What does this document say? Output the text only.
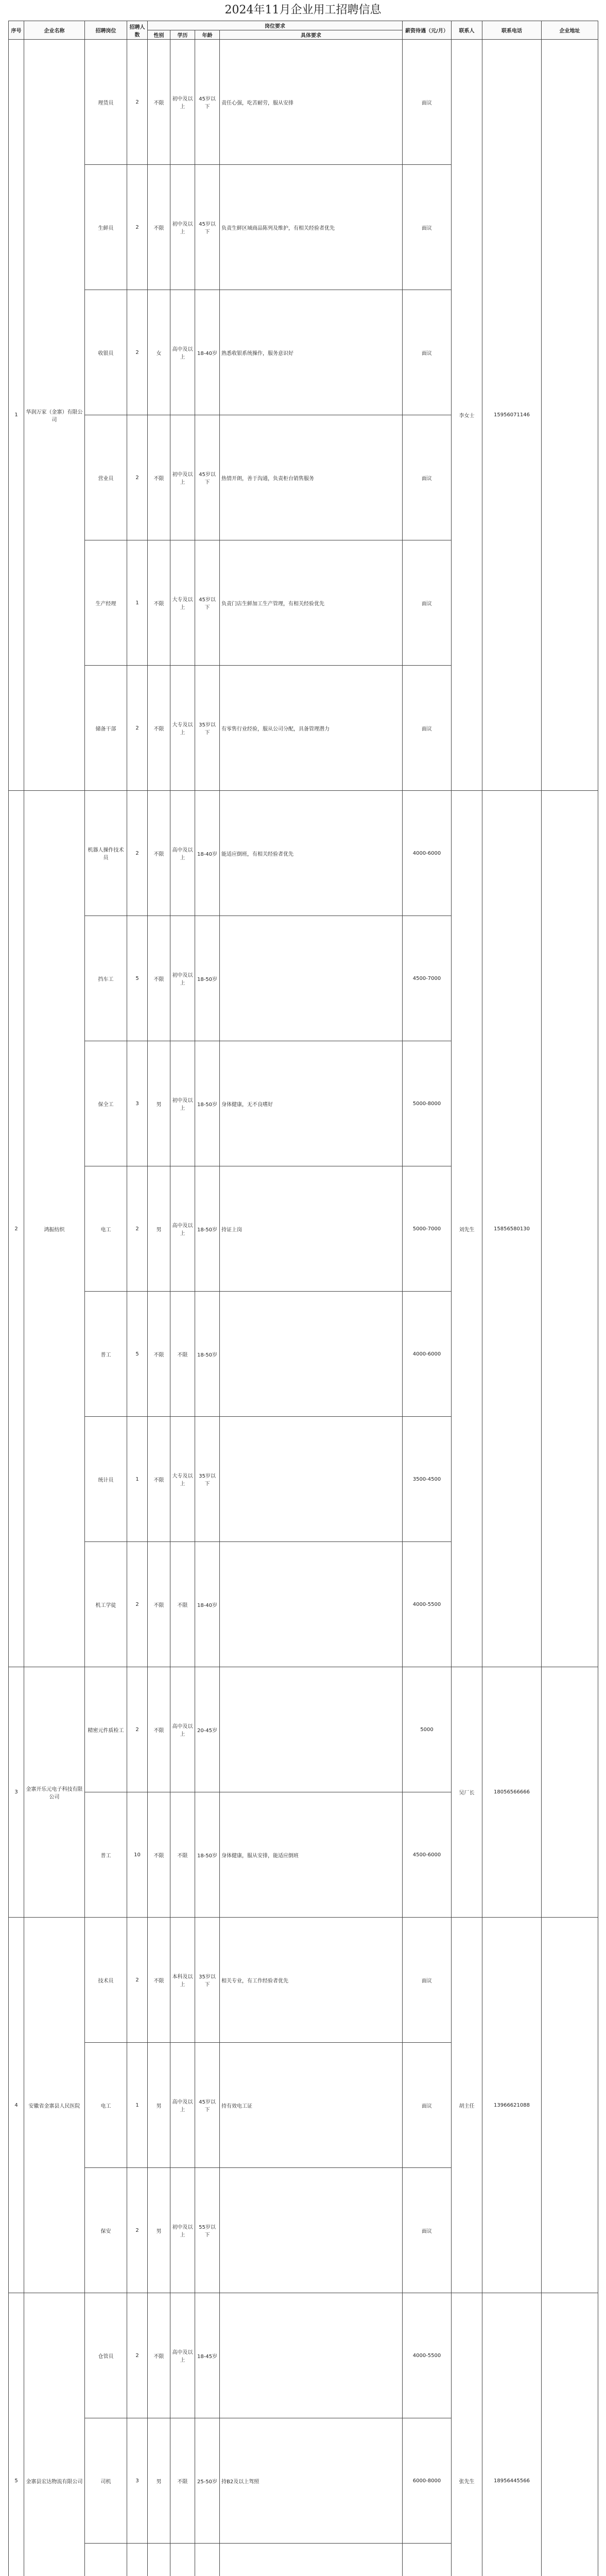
2024年11月企业用工招聘信息
序号	企业名称	招聘岗位	招聘人数	岗位要求				薪资待遇（元/月）	联系人	联系电话	企业地址
				性别	学历	年龄	具体要求				
1	华润万家（金寨）有限公司	理货员	2	不限	初中及以上	45岁以下	责任心强，吃苦耐劳，服从安排	面议	李女士	15956071146	
		生鲜员	2	不限	初中及以上	45岁以下	负责生鲜区域商品陈列及维护，有相关经验者优先	面议			
		收银员	2	女	高中及以上	18-40岁	熟悉收银系统操作，服务意识好	面议			
		营业员	2	不限	初中及以上	45岁以下	热情开朗，善于沟通，负责柜台销售服务	面议			
		生产经理	1	不限	大专及以上	45岁以下	负责门店生鲜加工生产管理，有相关经验优先	面议			
		储备干部	2	不限	大专及以上	35岁以下	有零售行业经验，服从公司分配，具备管理潜力	面议			
2	鸿振纺织	机器人操作技术员	2	不限	高中及以上	18-40岁	能适应倒班，有相关经验者优先	4000-6000	刘先生	15856580130	
		挡车工	5	不限	初中及以上	18-50岁		4500-7000			
		保全工	3	男	初中及以上	18-50岁	身体健康，无不良嗜好	5000-8000			
		电工	2	男	高中及以上	18-50岁	持证上岗	5000-7000			
		普工	5	不限	不限	18-50岁		4000-6000			
		统计员	1	不限	大专及以上	35岁以下		3500-4500			
		机工学徒	2	不限	不限	18-40岁		4000-5500			
3	金寨开乐元电子科技有限公司	精密元件质检工	2	不限	高中及以上	20-45岁		5000	吴厂长	18056566666	
		普工	10	不限	不限	18-50岁	身体健康，服从安排，能适应倒班	4500-6000			
4	安徽省金寨县人民医院	技术员	2	不限	本科及以上	35岁以下	相关专业，有工作经验者优先	面议	胡主任	13966621088	
		电工	1	男	高中及以上	45岁以下	持有效电工证	面议			
		保安	2	男	初中及以上	55岁以下		面议			
5	金寨县宏达物流有限公司	仓管员	2	不限	高中及以上	18-45岁		4000-5500	张先生	18956445566	
		司机	3	男	不限	25-50岁	持B2及以上驾照	6000-8000			
